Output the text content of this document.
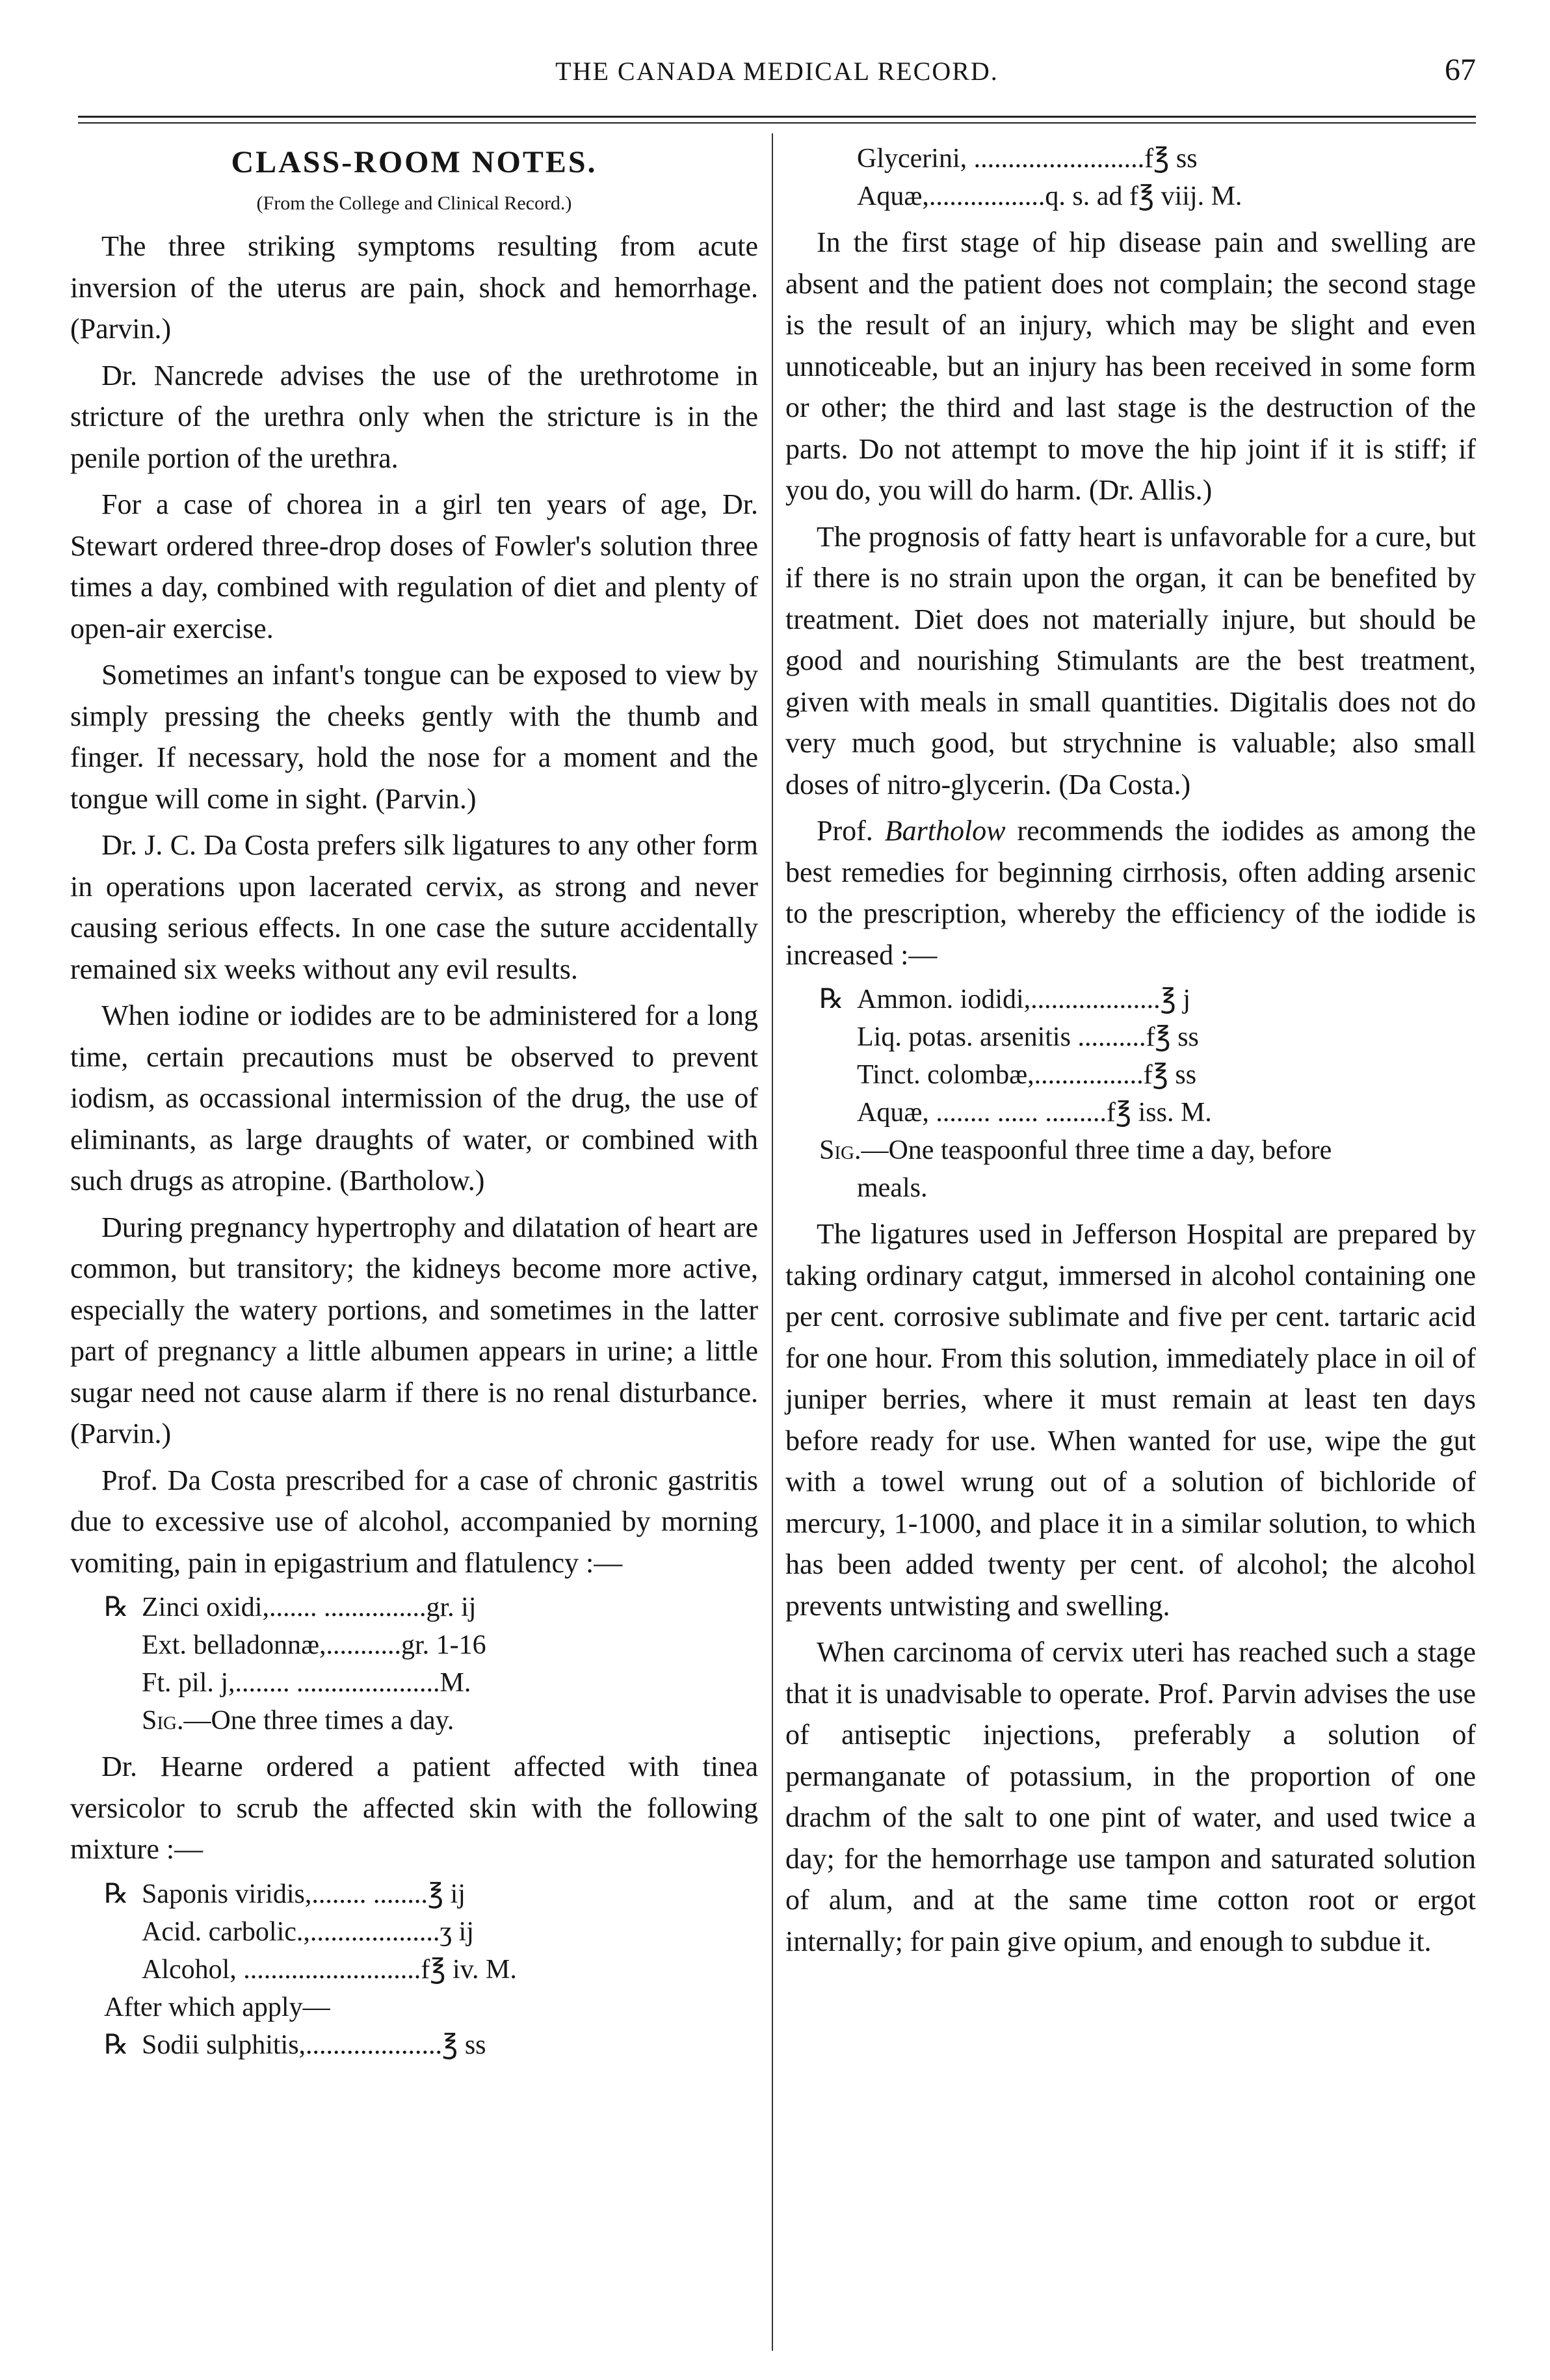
THE CANADA MEDICAL RECORD.	67
CLASS-ROOM NOTES.
(From the College and Clinical Record.)

The three striking symptoms resulting from acute inversion of the uterus are pain, shock and hemorrhage. (Parvin.)

Dr. Nancrede advises the use of the urethrotome in stricture of the urethra only when the stricture is in the penile portion of the urethra.

For a case of chorea in a girl ten years of age, Dr. Stewart ordered three-drop doses of Fowler's solution three times a day, combined with regulation of diet and plenty of open-air exercise.

Sometimes an infant's tongue can be exposed to view by simply pressing the cheeks gently with the thumb and finger. If necessary, hold the nose for a moment and the tongue will come in sight. (Parvin.)

Dr. J. C. Da Costa prefers silk ligatures to any other form in operations upon lacerated cervix, as strong and never causing serious effects. In one case the suture accidentally remained six weeks without any evil results.

When iodine or iodides are to be administered for a long time, certain precautions must be observed to prevent iodism, as occassional intermission of the drug, the use of eliminants, as large draughts of water, or combined with such drugs as atropine. (Bartholow.)

During pregnancy hypertrophy and dilatation of heart are common, but transitory; the kidneys become more active, especially the watery portions, and sometimes in the latter part of pregnancy a little albumen appears in urine; a little sugar need not cause alarm if there is no renal disturbance. (Parvin.)

Prof. Da Costa prescribed for a case of chronic gastritis due to excessive use of alcohol, accompanied by morning vomiting, pain in epigastrium and flatulency :—

℞ Zinci oxidi,....... ...............gr. ij
Ext. belladonnæ,...........gr. 1-16
Ft. pil. j,........ .....................M.
Sig.—One three times a day.

Dr. Hearne ordered a patient affected with tinea versicolor to scrub the affected skin with the following mixture :—

℞ Saponis viridis,........ ........℥ ij
Acid. carbolic.,...................ʒ ij
Alcohol, ..........................f℥ iv. M.
After which apply—
℞ Sodii sulphitis,....................℥ ss
Glycerini, .........................f℥ ss
Aquæ,.................q. s. ad f℥ viij. M.

In the first stage of hip disease pain and swelling are absent and the patient does not complain; the second stage is the result of an injury, which may be slight and even unnoticeable, but an injury has been received in some form or other; the third and last stage is the destruction of the parts. Do not attempt to move the hip joint if it is stiff; if you do, you will do harm. (Dr. Allis.)

The prognosis of fatty heart is unfavorable for a cure, but if there is no strain upon the organ, it can be benefited by treatment. Diet does not materially injure, but should be good and nourishing Stimulants are the best treatment, given with meals in small quantities. Digitalis does not do very much good, but strychnine is valuable; also small doses of nitro-glycerin. (Da Costa.)

Prof. Bartholow recommends the iodides as among the best remedies for beginning cirrhosis, often adding arsenic to the prescription, whereby the efficiency of the iodide is increased :—

℞ Ammon. iodidi,...................℥ j
Liq. potas. arsenitis ..........f℥ ss
Tinct. colombæ,................f℥ ss
Aquæ, ........ ...... .........f℥ iss. M.
Sig.—One teaspoonful three time a day, before
meals.

The ligatures used in Jefferson Hospital are prepared by taking ordinary catgut, immersed in alcohol containing one per cent. corrosive sublimate and five per cent. tartaric acid for one hour. From this solution, immediately place in oil of juniper berries, where it must remain at least ten days before ready for use. When wanted for use, wipe the gut with a towel wrung out of a solution of bichloride of mercury, 1-1000, and place it in a similar solution, to which has been added twenty per cent. of alcohol; the alcohol prevents untwisting and swelling.

When carcinoma of cervix uteri has reached such a stage that it is unadvisable to operate. Prof. Parvin advises the use of antiseptic injections, preferably a solution of permanganate of potassium, in the proportion of one drachm of the salt to one pint of water, and used twice a day; for the hemorrhage use tampon and saturated solution of alum, and at the same time cotton root or ergot internally; for pain give opium, and enough to subdue it.
